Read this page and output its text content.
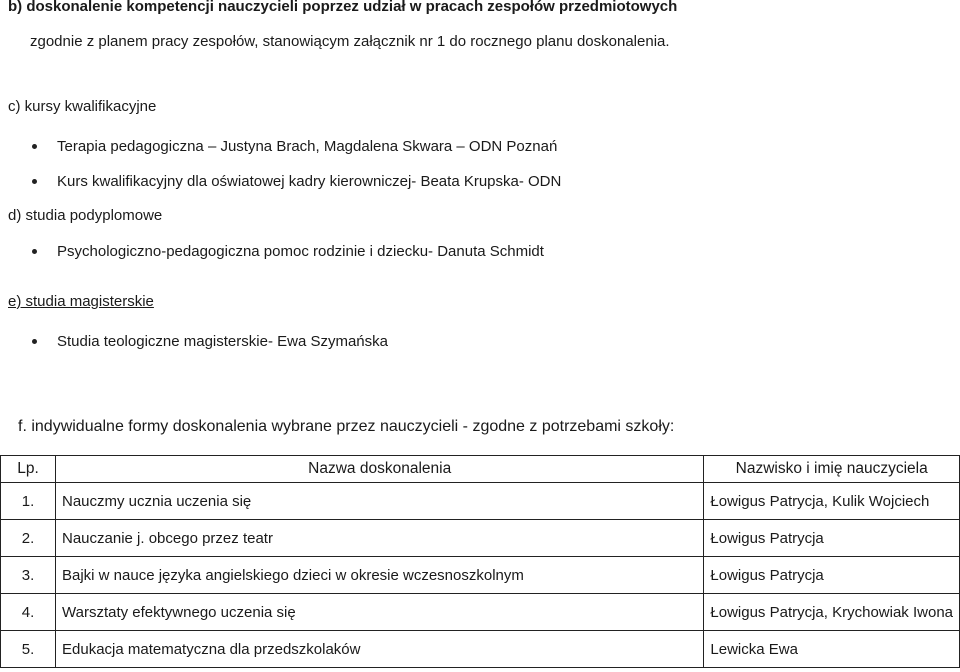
b) doskonalenie kompetencji nauczycieli poprzez udział w pracach zespołów przedmiotowych
zgodnie z planem pracy zespołów, stanowiącym załącznik nr 1 do rocznego planu doskonalenia.
c) kursy kwalifikacyjne
Terapia pedagogiczna – Justyna Brach, Magdalena Skwara – ODN Poznań
Kurs kwalifikacyjny dla oświatowej kadry kierowniczej- Beata Krupska- ODN
d) studia podyplomowe
Psychologiczno-pedagogiczna pomoc rodzinie i dziecku- Danuta Schmidt
e) studia magisterskie
Studia teologiczne magisterskie- Ewa Szymańska
f. indywidualne formy doskonalenia wybrane przez nauczycieli - zgodne z potrzebami szkoły:
Lp.	Nazwa doskonalenia	Nazwisko i imię nauczyciela
1.	Nauczmy ucznia uczenia się	Łowigus Patrycja, Kulik Wojciech
2.	Nauczanie j. obcego przez teatr	Łowigus Patrycja
3.	Bajki w nauce języka angielskiego dzieci w okresie wczesnoszkolnym	Łowigus Patrycja
4.	Warsztaty efektywnego uczenia się	Łowigus Patrycja, Krychowiak Iwona
5.	Edukacja matematyczna dla przedszkolaków	Lewicka Ewa
